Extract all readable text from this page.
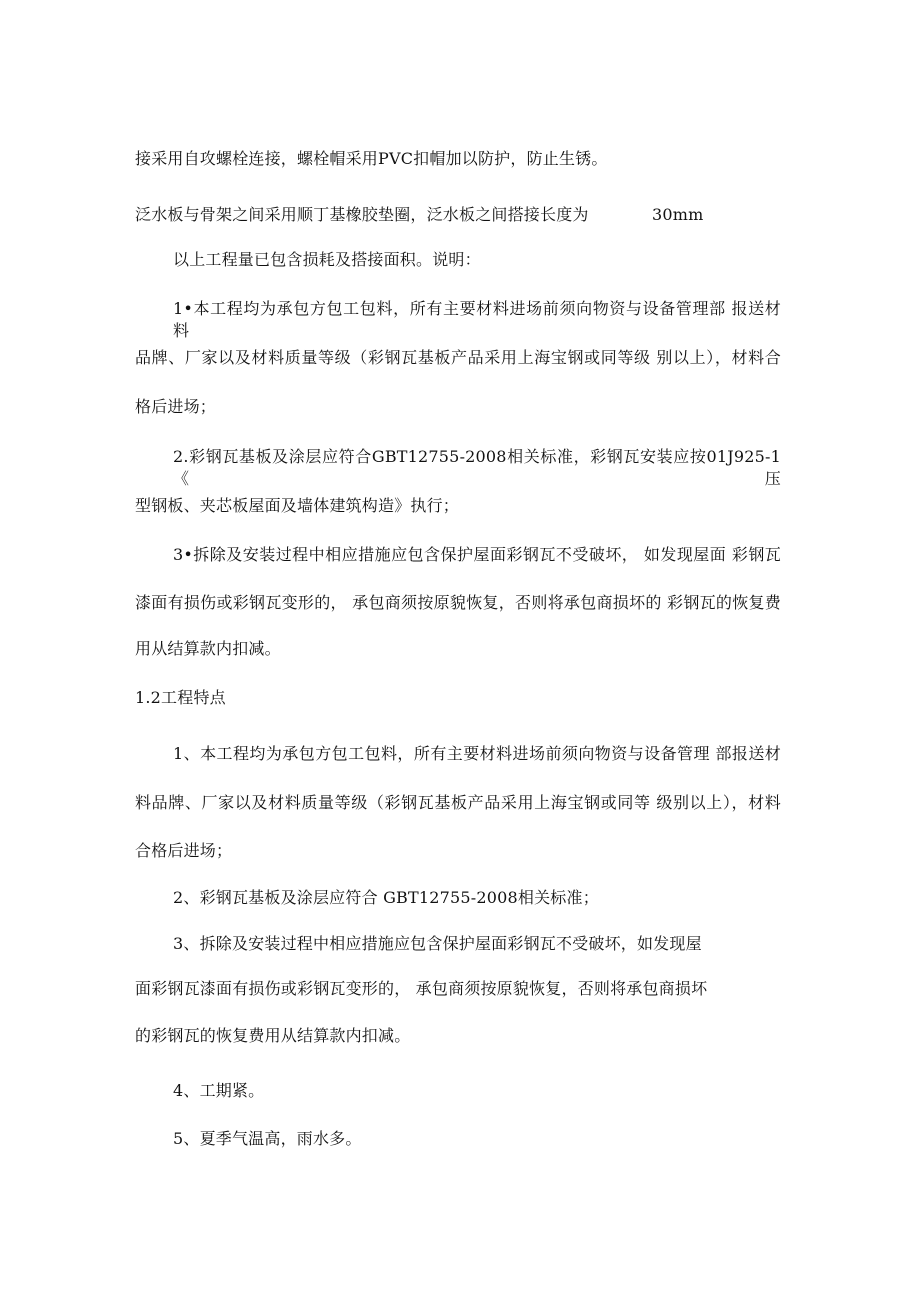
接采用自攻螺栓连接，螺栓帽采用PVC扣帽加以防护，防止生锈。
泛水板与骨架之间采用顺丁基橡胶垫圈，泛水板之间搭接长度为	30mm
以上工程量已包含损耗及搭接面积。说明：
1•本工程均为承包方包工包料，所有主要材料进场前须向物资与设备管理部 报送材料
品牌、厂家以及材料质量等级（彩钢瓦基板产品采用上海宝钢或同等级 别以上），材料合
格后进场；
2.彩钢瓦基板及涂层应符合GBT12755-2008相关标准，彩钢瓦安装应按01J925-1《压
型钢板、夹芯板屋面及墙体建筑构造》执行；
3•拆除及安装过程中相应措施应包含保护屋面彩钢瓦不受破坏， 如发现屋面 彩钢瓦
漆面有损伤或彩钢瓦变形的， 承包商须按原貌恢复，否则将承包商损坏的 彩钢瓦的恢复费
用从结算款内扣减。
1.2工程特点
1、本工程均为承包方包工包料，所有主要材料进场前须向物资与设备管理 部报送材
料品牌、厂家以及材料质量等级（彩钢瓦基板产品采用上海宝钢或同等 级别以上），材料
合格后进场；
2、彩钢瓦基板及涂层应符合 GBT12755-2008相关标准；
3、拆除及安装过程中相应措施应包含保护屋面彩钢瓦不受破坏，如发现屋
面彩钢瓦漆面有损伤或彩钢瓦变形的， 承包商须按原貌恢复，否则将承包商损坏
的彩钢瓦的恢复费用从结算款内扣减。
4、工期紧。
5、夏季气温高，雨水多。
